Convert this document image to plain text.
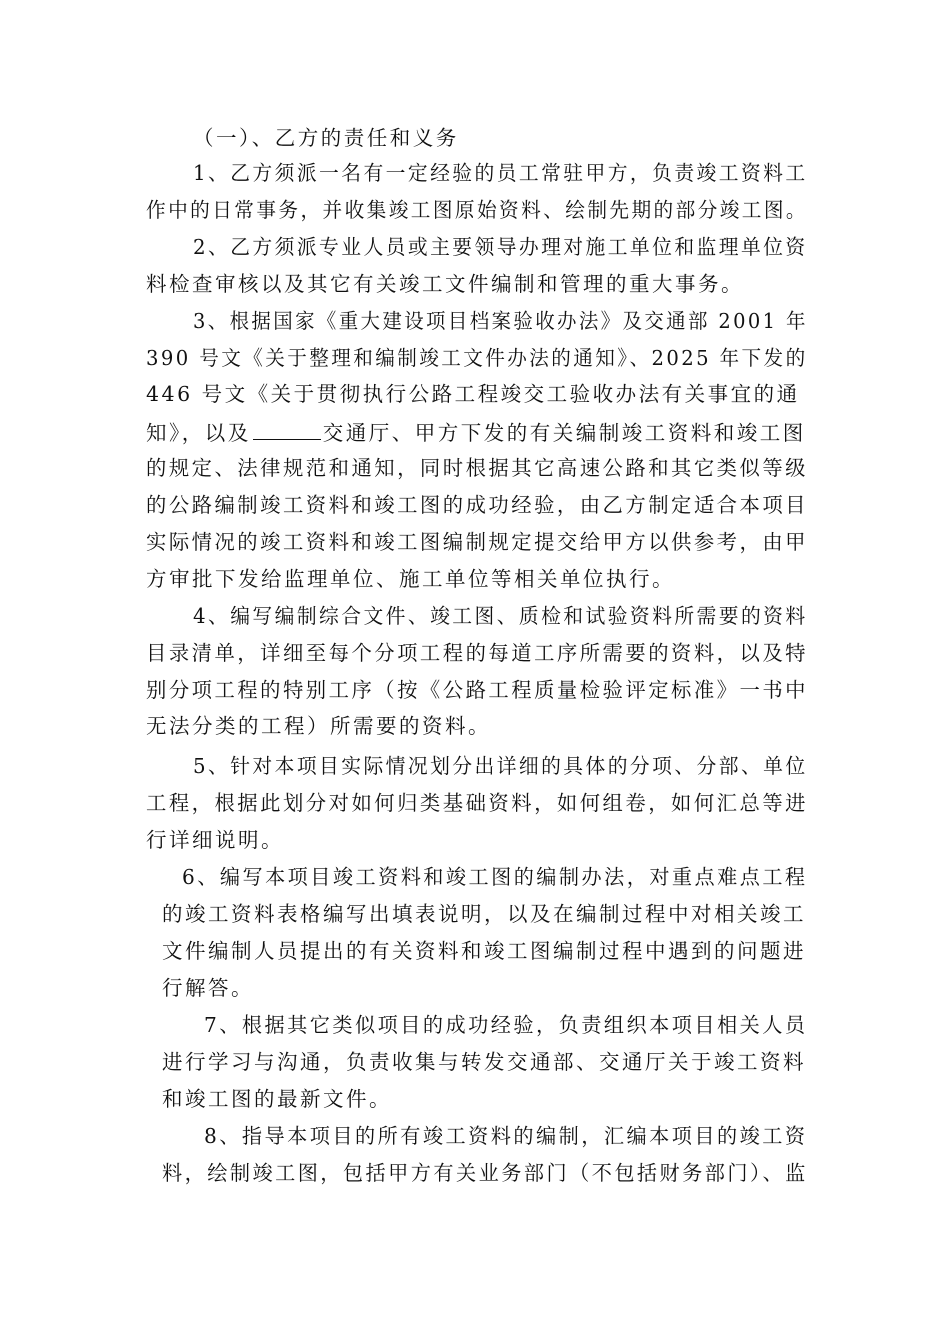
（一）、乙方的责任和义务
1、乙方须派一名有一定经验的员工常驻甲方，负责竣工资料工
作中的日常事务，并收集竣工图原始资料、绘制先期的部分竣工图。
2、乙方须派专业人员或主要领导办理对施工单位和监理单位资
料检查审核以及其它有关竣工文件编制和管理的重大事务。
3、根据国家《重大建设项目档案验收办法》及交通部 2001 年
390 号文《关于整理和编制竣工文件办法的通知》、2025 年下发的
446 号文《关于贯彻执行公路工程竣交工验收办法有关事宜的通
知》，以及	交通厅、甲方下发的有关编制竣工资料和竣工图
的规定、法律规范和通知，同时根据其它高速公路和其它类似等级
的公路编制竣工资料和竣工图的成功经验，由乙方制定适合本项目
实际情况的竣工资料和竣工图编制规定提交给甲方以供参考，由甲
方审批下发给监理单位、施工单位等相关单位执行。
4、编写编制综合文件、竣工图、质检和试验资料所需要的资料
目录清单，详细至每个分项工程的每道工序所需要的资料，以及特
别分项工程的特别工序（按《公路工程质量检验评定标准》一书中
无法分类的工程）所需要的资料。
5、针对本项目实际情况划分出详细的具体的分项、分部、单位
工程，根据此划分对如何归类基础资料，如何组卷，如何汇总等进
行详细说明。
6、编写本项目竣工资料和竣工图的编制办法，对重点难点工程
的竣工资料表格编写出填表说明，以及在编制过程中对相关竣工
文件编制人员提出的有关资料和竣工图编制过程中遇到的问题进
行解答。
7、根据其它类似项目的成功经验，负责组织本项目相关人员
进行学习与沟通，负责收集与转发交通部、交通厅关于竣工资料
和竣工图的最新文件。
8、指导本项目的所有竣工资料的编制，汇编本项目的竣工资
料，绘制竣工图，包括甲方有关业务部门（不包括财务部门）、监
